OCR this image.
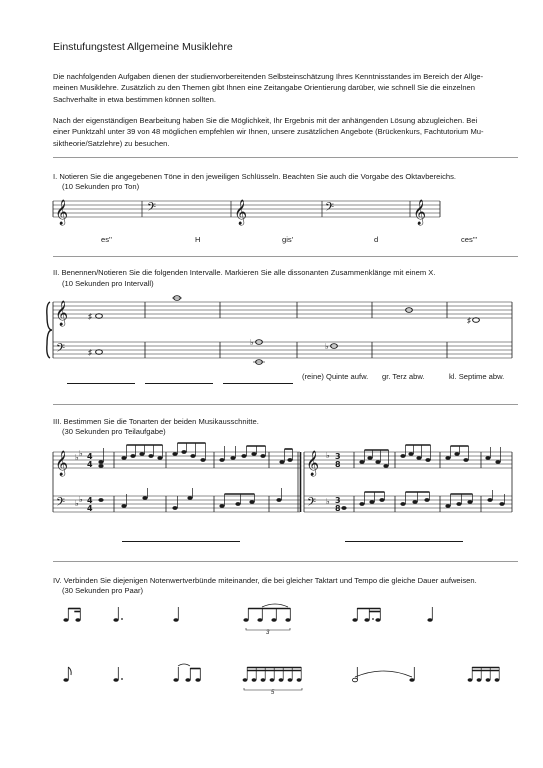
Einstufungstest Allgemeine Musiklehre
Die nachfolgenden Aufgaben dienen der studienvorbereitenden Selbsteinschätzung Ihres Kenntnisstandes im Bereich der Allge-
meinen Musiklehre. Zusätzlich zu den Themen gibt Ihnen eine Zeitangabe Orientierung darüber, wie schnell Sie die einzelnen
Sachverhalte in etwa bestimmen können sollten.
Nach der eigenständigen Bearbeitung haben Sie die Möglichkeit, Ihr Ergebnis mit der anhängenden Lösung abzugleichen. Bei
einer Punktzahl unter 39 von 48 möglichen empfehlen wir Ihnen, unsere zusätzlichen Angebote (Brückenkurs, Fachtutorium Mu-
siktheorie/Satzlehre) zu besuchen.
I. Notieren Sie die angegebenen Töne in den jeweiligen Schlüsseln. Beachten Sie auch die Vorgabe des Oktavbereichs.
(10 Sekunden pro Ton)
es''	H	gis'	d	ces'''
II. Benennen/Notieren Sie die folgenden Intervalle. Markieren Sie alle dissonanten Zusammenklänge mit einem X.
(10 Sekunden pro Intervall)
(reine) Quinte aufw. gr. Terz abw.	kl. Septime abw.
III. Bestimmen Sie die Tonarten der beiden Musikausschnitte.
(30 Sekunden pro Teilaufgabe)
IV. Verbinden Sie diejenigen Notenwertverbünde miteinander, die bei gleicher Taktart und Tempo die gleiche Dauer aufweisen.
(30 Sekunden pro Paar)
𝄞	𝄢	𝄞	𝄢	𝄞
𝄞
𝄢
𝄞
𝄢
𝄞
𝄢
♯
♯
♭	♭
♯
♭ ♭
♭ ♭
4
4
4
4
♭
♭
3
8
3
8
3
5
